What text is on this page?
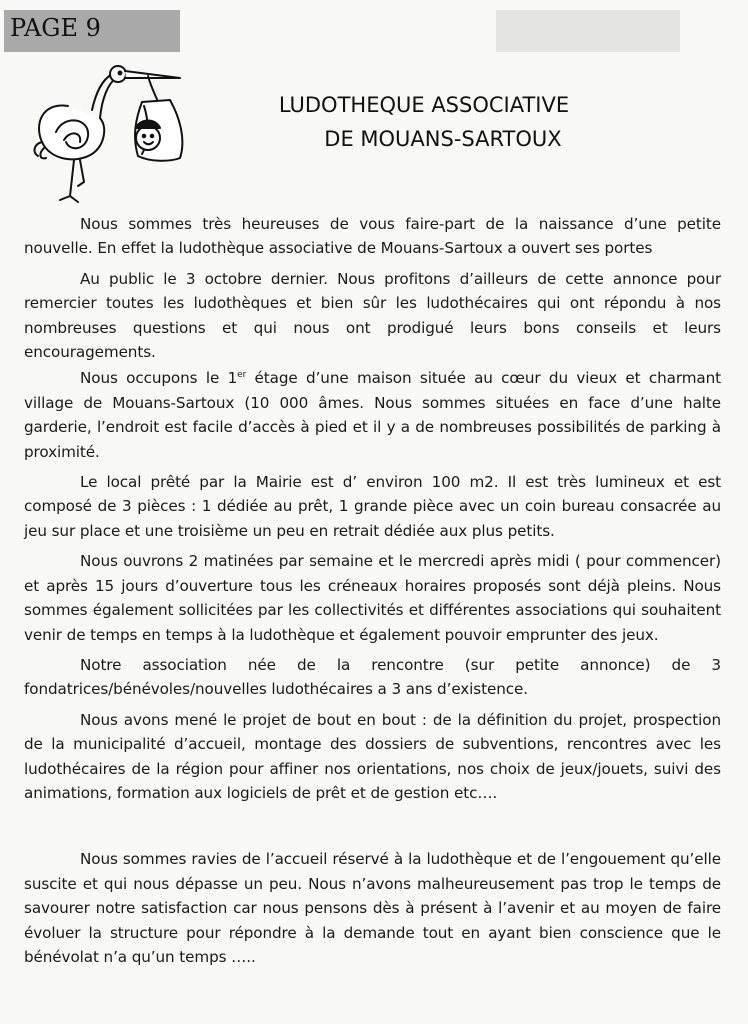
PAGE 9
LUDOTHEQUE ASSOCIATIVE
DE MOUANS-SARTOUX

Nous sommes très heureuses de vous faire-part de la naissance d’une petite nouvelle. En effet la ludothèque associative de Mouans-Sartoux a ouvert ses portes

Au public le 3 octobre dernier. Nous profitons d’ailleurs de cette annonce pour remercier toutes les ludothèques et bien sûr les ludothécaires qui ont répondu à nos nombreuses questions et qui nous ont prodigué leurs bons conseils et leurs encouragements.

Nous occupons le 1er étage d’une maison située au cœur du vieux et charmant village de Mouans-Sartoux (10 000 âmes. Nous sommes situées en face d’une halte garderie, l’endroit est facile d’accès à pied et il y a de nombreuses possibilités de parking à proximité.

Le local prêté par la Mairie est d’ environ 100 m2. Il est très lumineux et est composé de 3 pièces : 1 dédiée au prêt, 1 grande pièce avec un coin bureau consacrée au jeu sur place et une troisième un peu en retrait dédiée aux plus petits.

Nous ouvrons 2 matinées par semaine et le mercredi après midi ( pour commencer) et après 15 jours d’ouverture tous les créneaux horaires proposés sont déjà pleins. Nous sommes également sollicitées par les collectivités et différentes associations qui souhaitent venir de temps en temps à la ludothèque et également pouvoir emprunter des jeux.

Notre association née de la rencontre (sur petite annonce) de 3 fondatrices/bénévoles/nouvelles ludothécaires a 3 ans d’existence.

Nous avons mené le projet de bout en bout : de la définition du projet, prospection de la municipalité d’accueil, montage des dossiers de subventions, rencontres avec les ludothécaires de la région pour affiner nos orientations, nos choix de jeux/jouets, suivi des animations, formation aux logiciels de prêt et de gestion etc….

Nous sommes ravies de l’accueil réservé à la ludothèque et de l’engouement qu’elle suscite et qui nous dépasse un peu. Nous n’avons malheureusement pas trop le temps de savourer notre satisfaction car nous pensons dès à présent à l’avenir et au moyen de faire évoluer la structure pour répondre à la demande tout en ayant bien conscience que le bénévolat n’a qu’un temps …..
